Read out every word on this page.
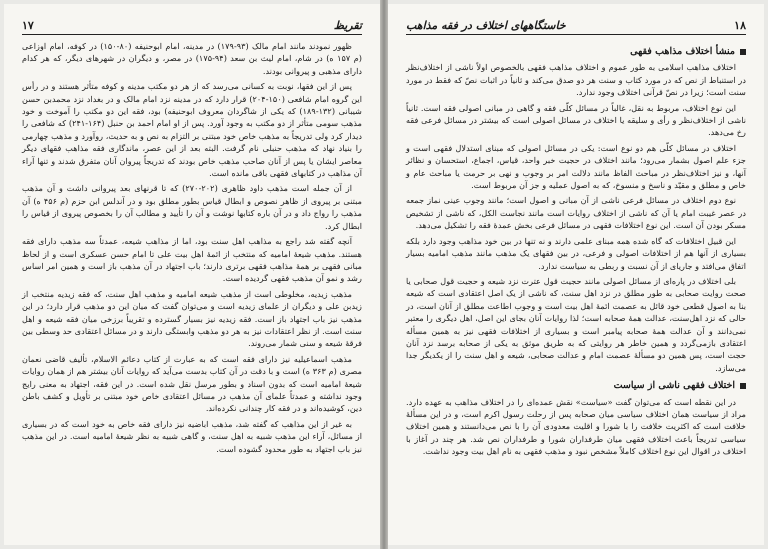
۱۷	تقریظ

ظهور نمودند مانند امام مالک (۹۳-۱۷۹) در مدینه، امام ابوحنیفه (۸۰-۱۵۰) در کوفه، امام اوزاعی (م ۱۵۷ ه) در شام، امام لیث بن سعد (۹۴-۱۷۵) در مصر، و دیگران در شهرهای دیگر، که هر کدام دارای مذهبی و پیروانی بودند.

پس از این فقها، نوبت به کسانی می‌رسد که از هر دو مکتب مدینه و کوفه متأثر هستند و در رأس این گروه امام شافعی (۱۵۰-۲۰۴) قرار دارد که در مدینه نزد امام مالک و در بغداد نزد محمدبن حسن شیبانی (۱۳۲-۱۸۹) که یکی از شاگردان معروف ابوحنیفه) بود، فقه این دو مکتب را آموخت و خود مذهب سومی متأثر از دو مکتب به وجود آورد. پس از او امام احمد بن حنبل (۱۶۴-۲۴۱) که شافعی را دیدار کرد ولی تدریجاً به مذهب خاص خود مبتنی بر التزام به نص و به حدیث، روآورد و مذهب چهارمی را بنیاد نهاد که مذهب حنبلی نام گرفت. البته بعد از این عصر، ماندگاری فقه مذاهب فقهای دیگر معاصر ایشان یا پس از آنان صاحب مذهب خاص بودند که تدریجاً پیروان آنان متفرق شدند و تنها آراء آن مذاهب در کتابهای فقهی باقی مانده است.

از آن جمله است مذهب داود ظاهری (۲۰۲-۲۷۰) که تا قرنهای بعد پیروانی داشت و آن مذهب مبتنی بر پیروی از ظاهر نصوص و ابطال قیاس بطور مطلق بود و در آندلس ابن حزم (م ۴۵۶ ه) آن مذهب را رواج داد و در آن باره کتابها نوشت و آن را تأیید و مطالب آن را بخصوص پیروی از قیاس را ابطال کرد.

آنچه گفته شد راجع به مذاهب اهل سنت بود، اما از مذاهب شیعه، عمدتاً سه مذهب دارای فقه هستند. مذهب شیعهٔ امامیه که منتخب از ائمهٔ اهل بیت علی تا امام حسن عسکری است و از لحاظ مبانی فقهی بر همهٔ مذاهب فقهی برتری دارند؛ باب اجتهاد در آن مذهب باز است و همین امر اساس رشد و نمو آن مذهب فقهی گردیده است.

مذهب زیدیه، مخلوطی است از مذهب شیعه امامیه و مذهب اهل سنت، که فقه زیدیه منتخب از زیدبن علی و دیگران از علمای زیدیه است و می‌توان گفت که میان این دو مذهب قرار دارد؛ در این مذهب نیز باب اجتهاد باز است. فقه زیدیه نیز بسیار گسترده و تقریباً برزخی میان فقه شیعه و اهل سنت است. از نظر اعتقادات نیز به هر دو مذهب وابستگی دارند و در مسائل اعتقادی حد وسطی بین فرقهٔ شیعه و سنی شمار می‌روند.

مذهب اسماعیلیه نیز دارای فقه است که به عبارت از کتاب دعائم الاسلام، تألیف قاضی نعمان مصری (م ۳۶۳ ه) است و با دقت در آن کتاب بدست می‌آید که روایات آنان بیشتر هم از همان روایات شیعهٔ امامیه است که بدون اسناد و بطور مرسل نقل شده است. در این فقه، اجتهاد به معنی رایج وجود نداشته و عمدتاً علمای آن مذهب در مسائل اعتقادی خاص خود مبتنی بر تأویل و کشف باطن دین، کوشیده‌اند و در فقه کار چندانی نکرده‌اند.

به غیر از این مذاهب که گفته شد، مذهب اباضیه نیز دارای فقه خاص به خود است که در بسیاری از مسائل، آراء این مذهب شبیه به اهل سنت، و گاهی شبیه به نظر شیعهٔ امامیه است. در این مذهب نیز باب اجتهاد به طور محدود گشوده است.

خاستگاههای اختلاف در فقه مذاهب	۱۸
منشأ اختلاف مذاهب فقهی

اختلاف مذاهب اسلامی به طور عموم و اختلاف مذاهب فقهی بالخصوص اولاً ناشی از اختلاف‌نظر در استنباط از نص که در مورد کتاب و سنت هر دو صدق می‌کند و ثانیاً در اثبات نصّ که فقط در مورد سنت است؛ زیرا در نصّ قرآنی اختلاف وجود ندارد.

این نوع اختلاف، مربوط به نقل، غالباً در مسائل کلّی فقه و گاهی در مبانی اصولی فقه است. ثانیاً ناشی از اختلاف‌نظر و رأی و سلیقه یا اختلاف در مسائل اصولی است که بیشتر در مسائل فرعی فقه رخ می‌دهد.

اختلاف در مسائل کلّی هم دو نوع است: یکی در مسائل اصولی که مبنای استدلال فقهی است و جزء علم اصول بشمار می‌رود؛ مانند اختلاف در حجیت خبر واحد، قیاس، اجماع، استحسان و نظائر آنها، و نیز اختلاف‌نظر در مباحث الفاظ مانند دلالت امر بر وجوب و نهی بر حرمت یا مباحث عام و خاص و مطلق و مقیّد و ناسخ و منسوخ، که به اصول عملیه و جز آن مربوط است.

نوع دوم اختلاف در مسائل فرعی ناشی از آن مبانی و اصول است؛ مانند وجوب عینی نماز جمعه در عصر غیبت امام یا آن که ناشی از اختلاف روایات است مانند نجاست الکل، که ناشی از تشخیص مسکر بودن آن است. این نوع اختلافات فقهی در مسائل فرعی بخش عمدهٔ فقه را تشکیل می‌دهد.

این قبیل اختلافات که گاه شده همه مبنای علمی دارند و نه تنها در بین خود مذاهب وجود دارد بلکه بسیاری از آنها هم از اختلافات اصولی و فرعی، در بین فقهای یک مذهب مانند مذهب امامیه بسیار اتفاق می‌افتد و جاریای از آن نسبت و ربطی به سیاست ندارد.

بلی اختلاف در پاره‌ای از مسائل اصولی مانند حجیت قول عترت نزد شیعه و حجیت قول صحابی یا صحت روایت صحابی به طور مطلق در نزد اهل سنت، که ناشی از یک اصل اعتقادی است که شیعه بنا به اصول قطعی خود قائل به عصمت ائمهٔ اهل بیت است و وجوب اطاعت مطلق از آنان است، در حالی که نزد اهل‌سنت، عدالت همهٔ صحابه است؛ لذا روایات آنان بجای این اصل، اهل دیگری را معتبر نمی‌دانند و آن عدالت همهٔ صحابه پیامبر است و بسیاری از اختلافات فقهی نیز به همین مسأله اعتقادی بازمی‌گردد و همین خاطر هر روایتی که به طریق موثق به یکی از صحابه برسد نزد آنان حجت است، پس همین دو مسألهٔ عصمت امام و عدالت صحابی، شیعه و اهل سنت را از یکدیگر جدا می‌سازد.

اختلاف فقهی ناشی از سیاست

در این نقطه است که می‌توان گفت «سیاست» نقش عمده‌ای را در اختلاف مذاهب به عهده دارد. مراد از سیاست همان اختلاف سیاسی میان صحابه پس از رحلت رسول اکرم است، و در این مسألهٔ خلافت است که اکثریت خلافت را با شورا و اقلیت معدودی آن را با نص می‌دانستند و همین اختلاف سیاسی تدریجاً باعث اختلاف فقهی میان طرفداران شورا و طرفداران نص شد. هر چند در آغاز با اختلاف در اقوال این نوع اختلاف کاملاً مشخص نبود و مذهب فقهی به نام اهل بیت وجود نداشت.
